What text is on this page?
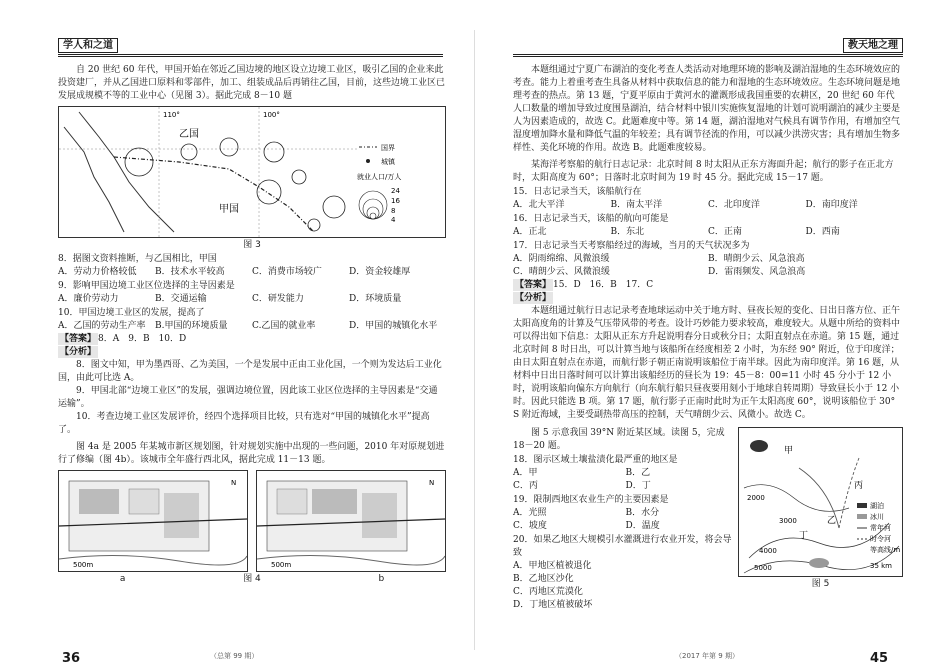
学人和之道

自 20 世纪 60 年代，甲国开始在邻近乙国边境的地区设立边境工业区，吸引乙国的企业来此投资建厂，并从乙国进口原料和零部件，加工、组装成品后再销往乙国，目前，这些边境工业区已发展成规模不等的工业中心（见图 3）。据此完成 8－10 题

110°	100°
乙国
甲国
国界
城镇
就业人口/万人
24
16
8
4
图 3

8．据图文资料推断，与乙国相比，甲国

A．劳动力价格较低	B．技术水平较高	C．消费市场较广	D．资金较雄厚

9．影响甲国边境工业区位选择的主导因素是

A．廉价劳动力	B．交通运输	C．研发能力	D．环境质量

10．甲国边境工业区的发展，提高了

A．乙国的劳动生产率	B.甲国的环境质量	C.乙国的就业率	D．甲国的城镇化水平

【答案】 8．A　9．B　10．D

【分析】

8．图文中知，甲为墨西哥、乙为美国，一个是发展中正由工业化国，一个则为发达后工业化国，由此可比选 A。

9．甲国北部“边境工业区”的发展，强调边境位置，因此该工业区位选择的主导因素是“交通运输”。

10．考查边境工业区发展评价，经四个选择项目比较，只有选对“甲国的城镇化水平”提高了。

图 4a 是 2005 年某城市新区规划图，针对规划实施中出现的一些问题，2010 年对原规划进行了修编（图 4b）。该城市全年盛行西北风，据此完成 11－13 题。

N
500m
N
500m
a	图 4	b
36	（总第 99 期）
教天地之理

本题组通过宁夏广布湖泊的变化考查人类活动对地理环境的影响及湖泊湿地的生态环境效应的考查。能力上着重考查生具备从材料中获取信息的能力和湿地的生态环境效应。生态环境问题是地理考查的热点。第 13 题，宁夏平原由于黄河水的灌溉形成我国重要的农耕区，20 世纪 60 年代人口数量的增加导致过度围垦湖泊，结合材料中银川实施恢复湿地的计划可说明湖泊的减少主要是人为因素造成的，故选 C。此题难度中等。第 14 题，湖泊湿地对气候具有调节作用，有增加空气湿度增加降水量和降低气温的年较差；具有调节径流的作用，可以减少洪涝灾害；具有增加生物多样性、美化环境的作用。故选 B。此题难度较易。

某海洋考察船的航行日志记录：北京时间 8 时太阳从正东方海面升起；航行的影子在正北方时，太阳高度为 60°；日落时北京时间为 19 时 45 分。据此完成 15－17 题。

15．日志记录当天，该船航行在

A．北大平洋	B．南太平洋	C．北印度洋	D．南印度洋

16．日志记录当天，该船的航向可能是

A．正北	B．东北	C．正南	D．西南

17．日志记录当天考察船经过的海域，当月的天气状况多为

A．阴雨绵绵、风微浪缓	B．晴朗少云、风急浪高
C．晴朗少云、风微浪缓	D．雷雨频发、风急浪高

【答案】 15．D　16．B　17．C

【分析】

本题组通过航行日志记录考查地球运动中关于地方时、昼夜长短的变化、日出日落方位、正午太阳高度角的计算及气压带风带的考查。设计巧妙能力要求较高，难度较大。从题中所给的资料中可以得出如下信息：太阳从正东方升起说明春分日或秋分日；太阳直射点在赤道。第 15 题，通过北京时间 8 时日出，可以计算当地与该船所在经度相差 2 小时，为东经 90° 附近，位于印度洋；由日太阳直射点在赤道，而航行影子朝正南说明该船位于南半球。因此为南印度洋。第 16 题，从材料中日出日落时间可以计算出该船经历的昼长为 19：45－8：00=11 小时 45 分小于 12 小时，说明该船向偏东方向航行（向东航行船只昼夜要用刻小于地球自转周期）导致昼长小于 12 小时。因此只能选 B 项。第 17 题，航行影子正南时此时为正午太阳高度 60°，说明该船位于 30° S 附近海域，主要受副热带高压的控制，天气晴朗少云、风微小。故选 C。

图 5 示意我国 39°N 附近某区域。读图 5，完成 18－20 题。

18．图示区域土壤盐渍化最严重的地区是

A．甲	B．乙
C．丙	D．丁

19．限制西地区农业生产的主要因素是

A．光照	B．水分
C．坡度	D．温度

20．如果乙地区大规模引水灌溉进行农业开发，将会导致

A．甲地区植被退化

B．乙地区沙化

C．丙地区荒漠化

D．丁地区植被破坏

甲
乙
丙
丁
2000
3000
4000
5000
湖泊
冰川
常年河
时令河
等高线/m
35 km
图 5
（2017 年第 9 期）	45
